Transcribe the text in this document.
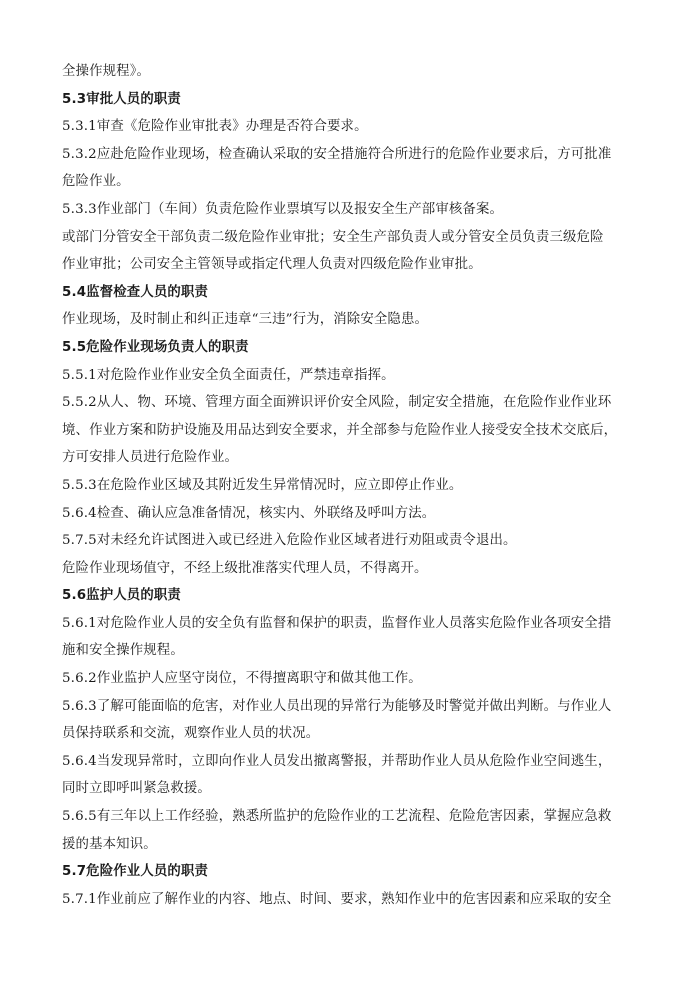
全操作规程》。
5.3审批人员的职责
5.3.1审查《危险作业审批表》办理是否符合要求。
5.3.2应赴危险作业现场，检查确认采取的安全措施符合所进行的危险作业要求后，方可批准
危险作业。
5.3.3作业部门（车间）负责危险作业票填写以及报安全生产部审核备案。
或部门分管安全干部负责二级危险作业审批；安全生产部负责人或分管安全员负责三级危险
作业审批；公司安全主管领导或指定代理人负责对四级危险作业审批。
5.4监督检查人员的职责
作业现场，及时制止和纠正违章“三违”行为，消除安全隐患。
5.5危险作业现场负责人的职责
5.5.1对危险作业作业安全负全面责任，严禁违章指挥。
5.5.2从人、物、环境、管理方面全面辨识评价安全风险，制定安全措施，在危险作业作业环
境、作业方案和防护设施及用品达到安全要求，并全部参与危险作业人接受安全技术交底后，
方可安排人员进行危险作业。
5.5.3在危险作业区域及其附近发生异常情况时，应立即停止作业。
5.6.4检查、确认应急准备情况，核实内、外联络及呼叫方法。
5.7.5对未经允许试图进入或已经进入危险作业区域者进行劝阻或责令退出。
危险作业现场值守，不经上级批准落实代理人员，不得离开。
5.6监护人员的职责
5.6.1对危险作业人员的安全负有监督和保护的职责，监督作业人员落实危险作业各项安全措
施和安全操作规程。
5.6.2作业监护人应坚守岗位，不得擅离职守和做其他工作。
5.6.3了解可能面临的危害，对作业人员出现的异常行为能够及时警觉并做出判断。与作业人
员保持联系和交流，观察作业人员的状况。
5.6.4当发现异常时，立即向作业人员发出撤离警报，并帮助作业人员从危险作业空间逃生，
同时立即呼叫紧急救援。
5.6.5有三年以上工作经验，熟悉所监护的危险作业的工艺流程、危险危害因素，掌握应急救
援的基本知识。
5.7危险作业人员的职责
5.7.1作业前应了解作业的内容、地点、时间、要求，熟知作业中的危害因素和应采取的安全
